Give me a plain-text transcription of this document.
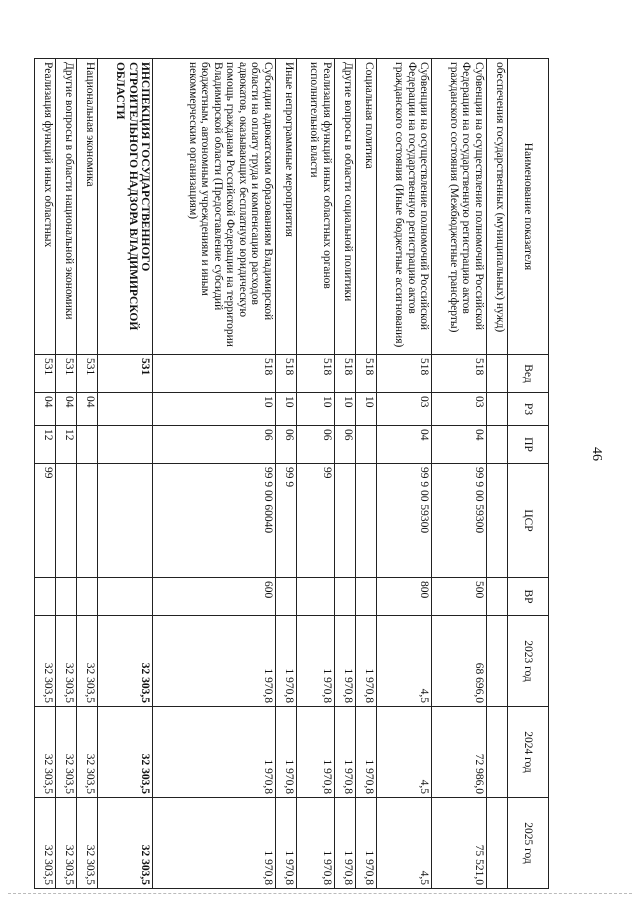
46
Наименование показателя	Вед	РЗ	ПР	ЦСР	ВР	2023 год	2024 год	2025 год
обеспечения государственных (муниципальных) нужд)								
Субвенции на осуществление полномочий Российской Федерации на государственную регистрацию актов гражданского состояния (Межбюджетные трансферты)	518	03	04	99 9 00 59300	500	68 696,0	72 986,0	75 521,0
Субвенции на осуществление полномочий Российской Федерации на государственную регистрацию актов гражданского состояния (Иные бюджетные ассигнования)	518	03	04	99 9 00 59300	800	4,5	4,5	4,5
Социальная политика	518	10				1 970,8	1 970,8	1 970,8
Другие вопросы в области социальной политики	518	10	06			1 970,8	1 970,8	1 970,8
Реализация функций иных областных органов исполнительной власти	518	10	06	99		1 970,8	1 970,8	1 970,8
Иные непрограммные мероприятия	518	10	06	99 9		1 970,8	1 970,8	1 970,8
Субсидии адвокатским образованиям Владимирской области на оплату труда и компенсацию расходов адвокатов, оказывающих бесплатную юридическую помощь гражданам Российской Федерации на территории Владимирской области (Предоставление субсидий бюджетным, автономным учреждениям и иным некоммерческим организациям)	518	10	06	99 9 00 60040	600	1 970,8	1 970,8	1 970,8
ИНСПЕКЦИЯ ГОСУДАРСТВЕННОГО СТРОИТЕЛЬНОГО НАДЗОРА ВЛАДИМИРСКОЙ ОБЛАСТИ	531					32 303,5	32 303,5	32 303,5
Национальная экономика	531	04				32 303,5	32 303,5	32 303,5
Другие вопросы в области национальной экономики	531	04	12			32 303,5	32 303,5	32 303,5
Реализация функций иных областных	531	04	12	99		32 303,5	32 303,5	32 303,5
